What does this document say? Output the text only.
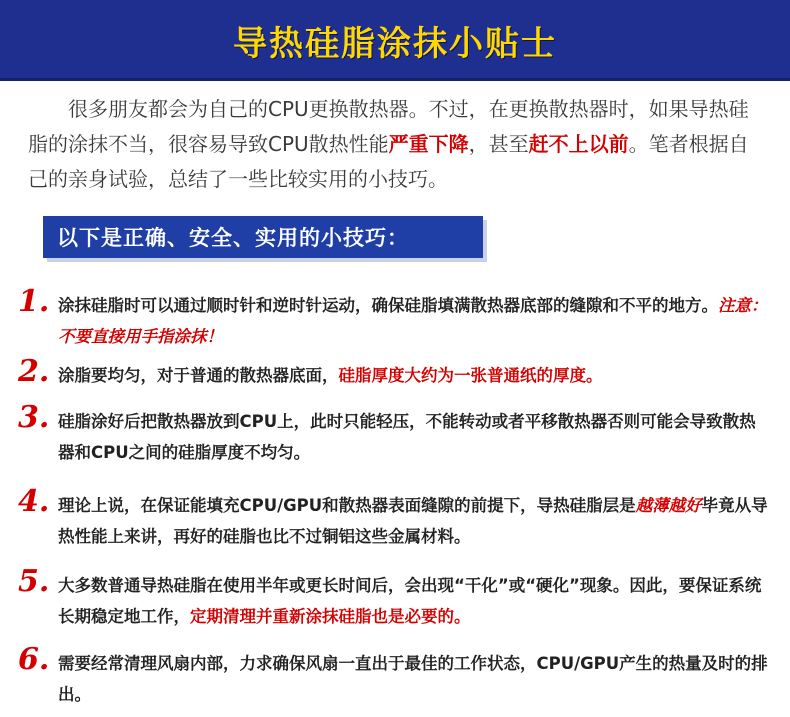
导热硅脂涂抹小贴士
很多朋友都会为自己的CPU更换散热器。不过，在更换散热器时，如果导热硅脂的涂抹不当，很容易导致CPU散热性能严重下降，甚至赶不上以前。笔者根据自己的亲身试验，总结了一些比较实用的小技巧。
以下是正确、安全、实用的小技巧：
1. 涂抹硅脂时可以通过顺时针和逆时针运动，确保硅脂填满散热器底部的缝隙和不平的地方。注意：不要直接用手指涂抹！
2. 涂脂要均匀，对于普通的散热器底面，硅脂厚度大约为一张普通纸的厚度。
3. 硅脂涂好后把散热器放到CPU上，此时只能轻压，不能转动或者平移散热器否则可能会导致散热器和CPU之间的硅脂厚度不均匀。
4. 理论上说，在保证能填充CPU/GPU和散热器表面缝隙的前提下，导热硅脂层是越薄越好毕竟从导热性能上来讲，再好的硅脂也比不过铜铝这些金属材料。
5. 大多数普通导热硅脂在使用半年或更长时间后，会出现“干化”或“硬化”现象。因此，要保证系统长期稳定地工作，定期清理并重新涂抹硅脂也是必要的。
6. 需要经常清理风扇内部，力求确保风扇一直出于最佳的工作状态，CPU/GPU产生的热量及时的排出。
